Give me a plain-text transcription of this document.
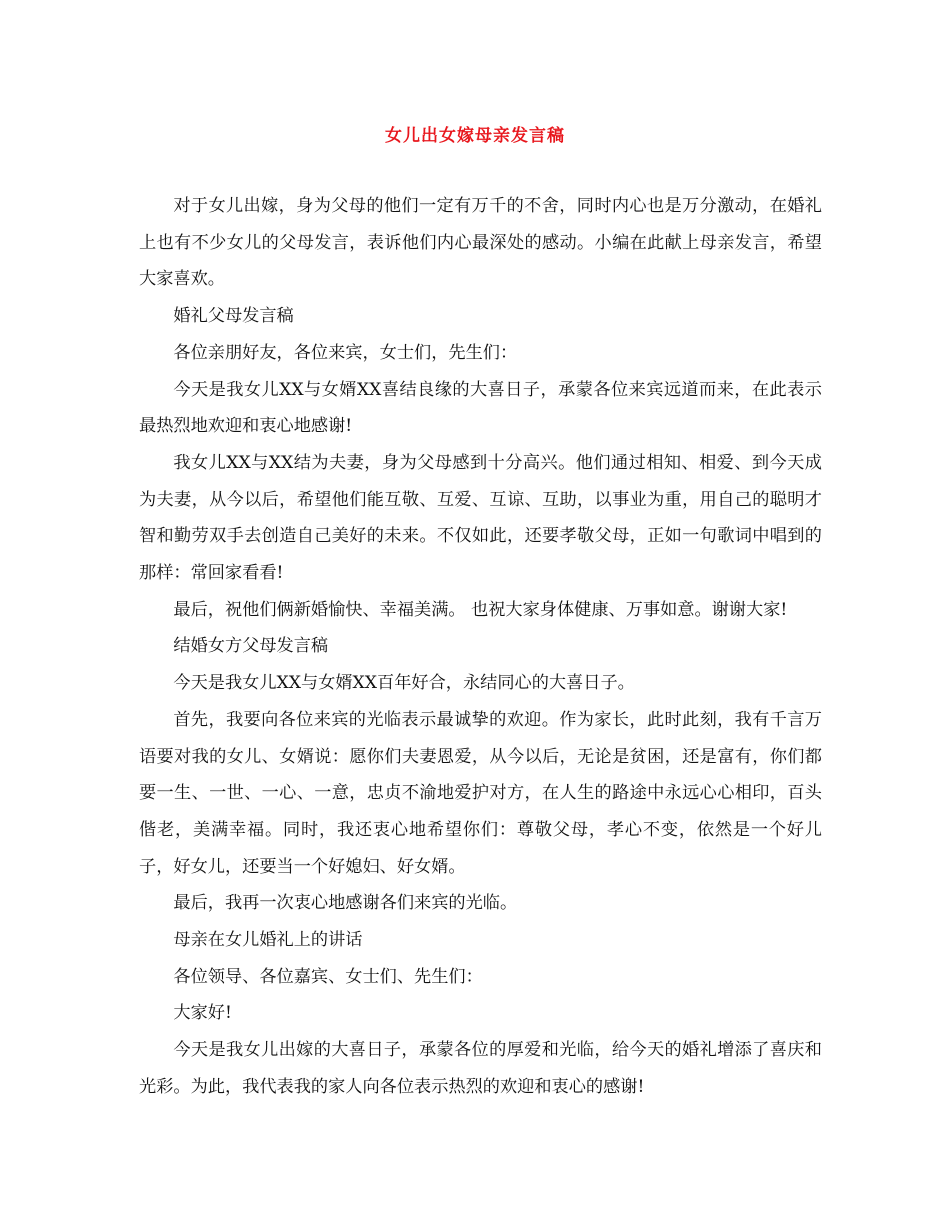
女儿出女嫁母亲发言稿

对于女儿出嫁，身为父母的他们一定有万千的不舍，同时内心也是万分激动，在婚礼上也有不少女儿的父母发言，表诉他们内心最深处的感动。小编在此献上母亲发言，希望大家喜欢。

婚礼父母发言稿

各位亲朋好友，各位来宾，女士们，先生们：

今天是我女儿XX与女婿XX喜结良缘的大喜日子，承蒙各位来宾远道而来，在此表示最热烈地欢迎和衷心地感谢!

我女儿XX与XX结为夫妻，身为父母感到十分高兴。他们通过相知、相爱、到今天成为夫妻，从今以后，希望他们能互敬、互爱、互谅、互助，以事业为重，用自己的聪明才智和勤劳双手去创造自己美好的未来。不仅如此，还要孝敬父母，正如一句歌词中唱到的那样：常回家看看!

最后，祝他们俩新婚愉快、幸福美满。 也祝大家身体健康、万事如意。谢谢大家!

结婚女方父母发言稿

今天是我女儿XX与女婿XX百年好合，永结同心的大喜日子。

首先，我要向各位来宾的光临表示最诚挚的欢迎。作为家长，此时此刻，我有千言万语要对我的女儿、女婿说：愿你们夫妻恩爱，从今以后，无论是贫困，还是富有，你们都要一生、一世、一心、一意，忠贞不渝地爱护对方，在人生的路途中永远心心相印，百头偕老，美满幸福。同时，我还衷心地希望你们：尊敬父母，孝心不变，依然是一个好儿子，好女儿，还要当一个好媳妇、好女婿。

最后，我再一次衷心地感谢各们来宾的光临。

母亲在女儿婚礼上的讲话

各位领导、各位嘉宾、女士们、先生们：

大家好!

今天是我女儿出嫁的大喜日子，承蒙各位的厚爱和光临，给今天的婚礼增添了喜庆和光彩。为此，我代表我的家人向各位表示热烈的欢迎和衷心的感谢!
